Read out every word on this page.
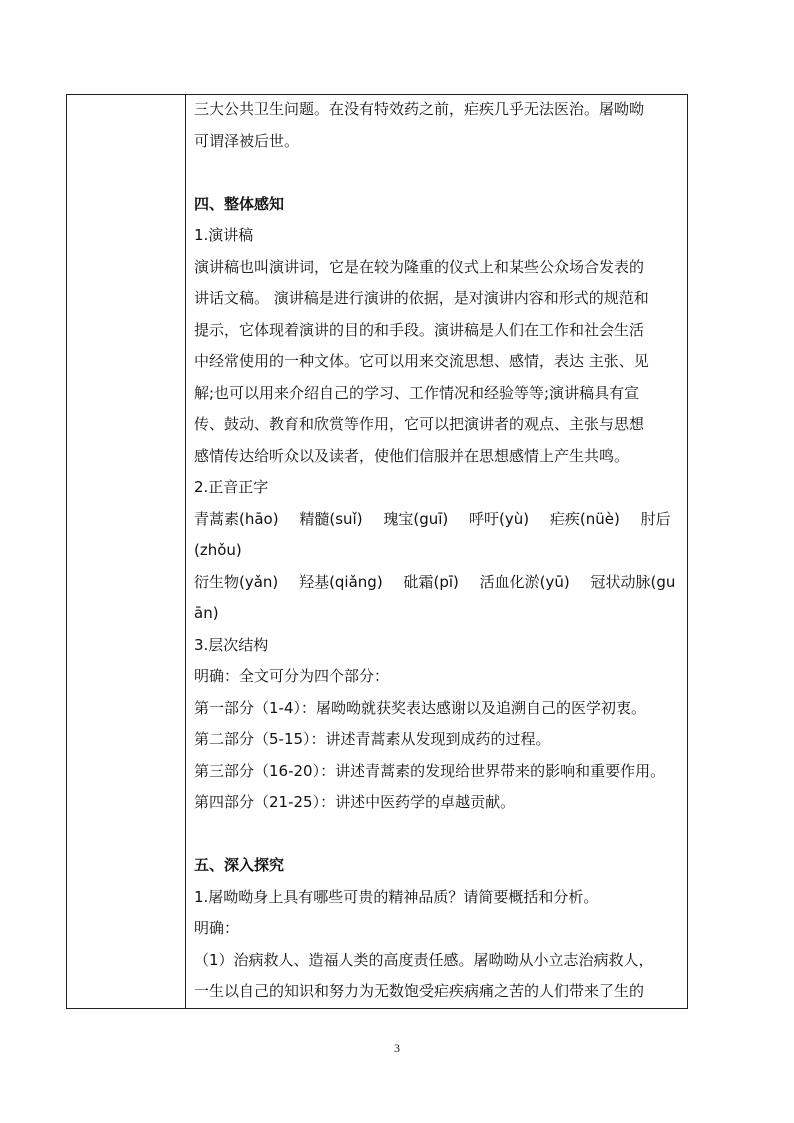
三大公共卫生问题。在没有特效药之前，疟疾几乎无法医治。屠呦呦
可谓泽被后世。
四、整体感知
1.演讲稿
演讲稿也叫演讲词，它是在较为隆重的仪式上和某些公众场合发表的
讲话文稿。 演讲稿是进行演讲的依据，是对演讲内容和形式的规范和
提示，它体现着演讲的目的和手段。演讲稿是人们在工作和社会生活
中经常使用的一种文体。它可以用来交流思想、感情，表达 主张、见
解;也可以用来介绍自己的学习、工作情况和经验等等;演讲稿具有宣
传、鼓动、教育和欣赏等作用，它可以把演讲者的观点、主张与思想
感情传达给听众以及读者，使他们信服并在思想感情上产生共鸣。
2.正音正字
青蒿素(hāo) 精髓(suǐ) 瑰宝(guī) 呼吁(yù) 疟疾(nüè) 肘后
(zhǒu)
衍生物(yǎn) 羟基(qiǎng) 砒霜(pī) 活血化淤(yū) 冠状动脉(gu
ān)
3.层次结构
明确：全文可分为四个部分：
第一部分（1-4）：屠呦呦就获奖表达感谢以及追溯自己的医学初衷。
第二部分（5-15）：讲述青蒿素从发现到成药的过程。
第三部分（16-20）：讲述青蒿素的发现给世界带来的影响和重要作用。
第四部分（21-25）：讲述中医药学的卓越贡献。
五、深入探究
1.屠呦呦身上具有哪些可贵的精神品质？请简要概括和分析。
明确：
（1）治病救人、造福人类的高度责任感。屠呦呦从小立志治病救人，
一生以自己的知识和努力为无数饱受疟疾病痛之苦的人们带来了生的
3
